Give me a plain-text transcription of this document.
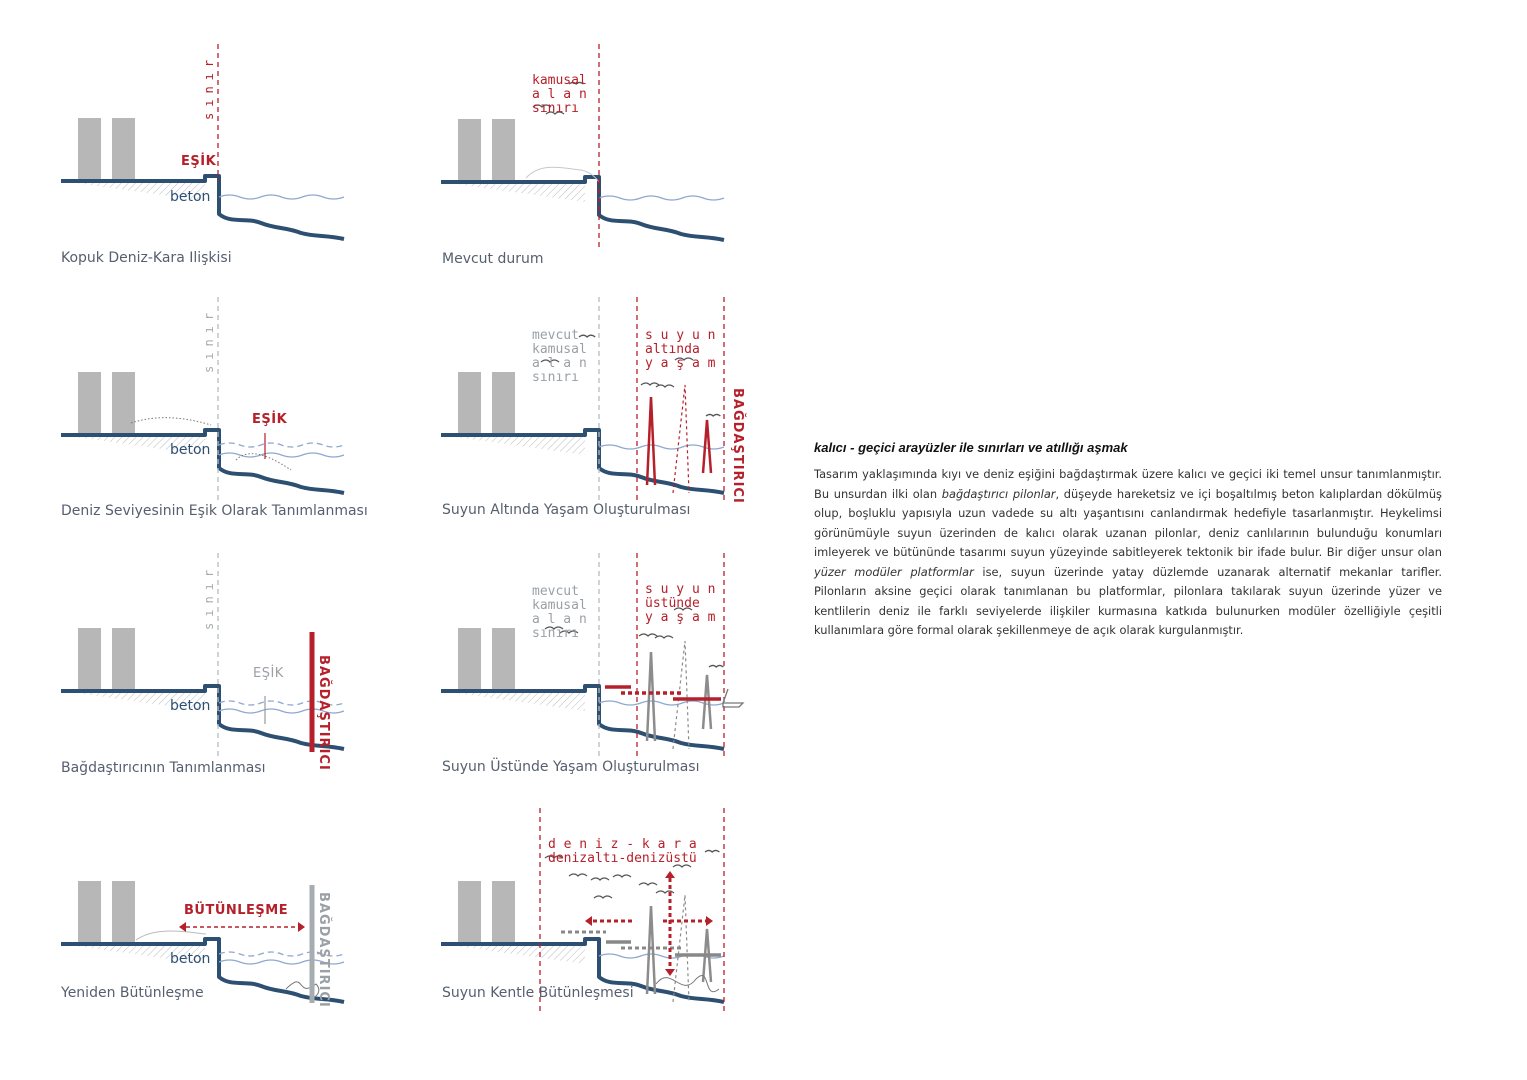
Kopuk Deniz-Kara Ilişkisi	Mevcut durum
Deniz Seviyesinin Eşik Olarak Tanımlanması	Suyun Altında Yaşam Oluşturulması
Bağdaştırıcının Tanımlanması	Suyun Üstünde Yaşam Oluşturulması
Yeniden Bütünleşme	Suyun Kentle Bütünleşmesi
beton
beton
beton
beton
EŞİK
EŞİK
EŞİK
BÜTÜNLEŞME
sınır
sınır
sınır

kamusal
a l a n
sınırı

mevcut
kamusal
a l a n
sınırı

s u y u n
altında
y a ş a m

mevcut
kamusal
a l a n
sınırı

s u y u n
üstünde
y a ş a m

d e n i z - k a r a
denizaltı-denizüstü

BAĞDAŞTIRICI
BAĞDAŞTIRICI
BAĞDAŞTIRICI

kalıcı - geçici arayüzler ile sınırları ve atıllığı aşmak

Tasarım yaklaşımında kıyı ve deniz eşiğini bağdaştırmak üzere kalıcı ve geçici iki temel unsur tanımlanmıştır. Bu unsurdan ilki olan bağdaştırıcı pilonlar, düşeyde hareketsiz ve içi boşaltılmış beton kalıplardan dökülmüş olup, boşluklu yapısıyla uzun vadede su altı yaşantısını canlandırmak hedefiyle tasarlanmıştır. Heykelimsi görünümüyle suyun üzerinden de kalıcı olarak uzanan pilonlar, deniz canlılarının bulunduğu konumları imleyerek ve bütününde tasarımı suyun yüzeyinde sabitleyerek tektonik bir ifade bulur. Bir diğer unsur olan yüzer modüler platformlar ise, suyun üzerinde yatay düzlemde uzanarak alternatif mekanlar tarifler. Pilonların aksine geçici olarak tanımlanan bu platformlar, pilonlara takılarak suyun üzerinde yüzer ve kentlilerin deniz ile farklı seviyelerde ilişkiler kurmasına katkıda bulunurken modüler özelliğiyle çeşitli kullanımlara göre formal olarak şekillenmeye de açık olarak kurgulanmıştır.
